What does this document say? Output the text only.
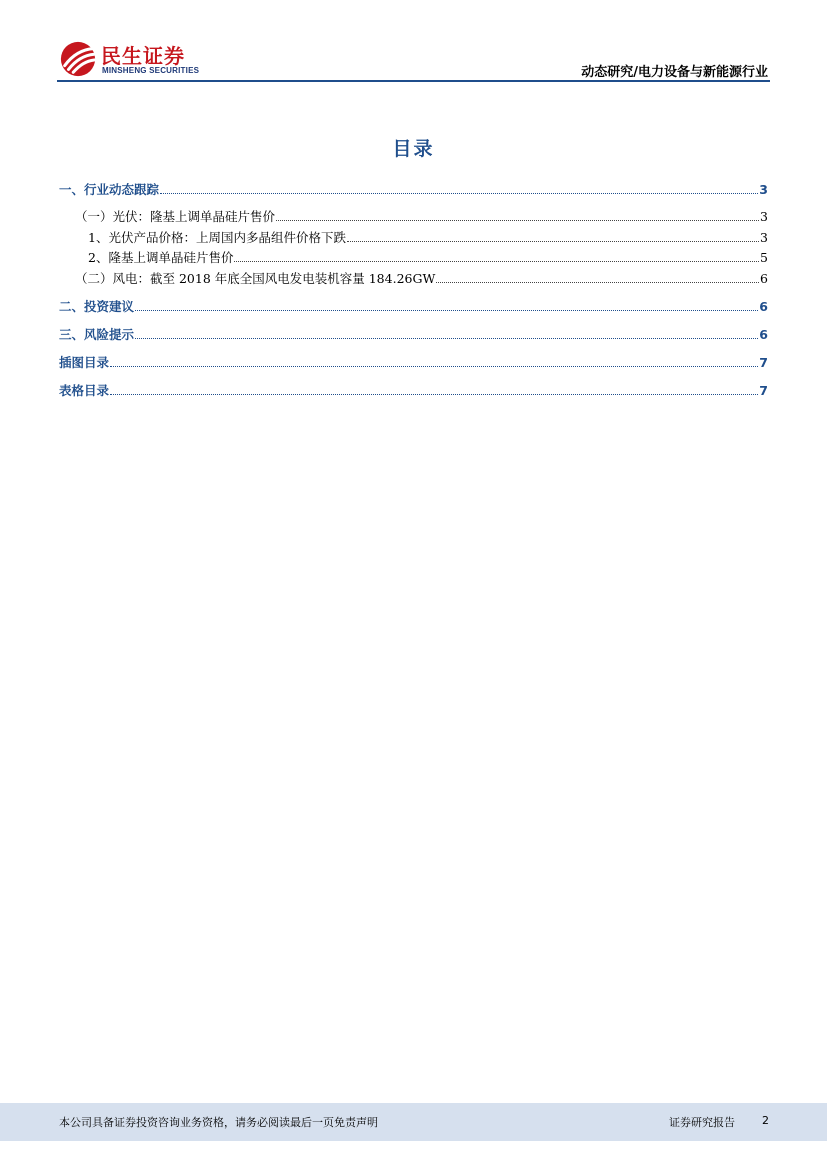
民生证券
MINSHENG SECURITIES	动态研究/电力设备与新能源行业
目录
一、行业动态跟踪	3
（一）光伏：隆基上调单晶硅片售价	3
1、光伏产品价格：上周国内多晶组件价格下跌	3
2、隆基上调单晶硅片售价	5
（二）风电：截至 2018 年底全国风电发电装机容量 184.26GW	6
二、投资建议	6
三、风险提示	6
插图目录	7
表格目录	7
本公司具备证券投资咨询业务资格，请务必阅读最后一页免责声明	证券研究报告 2
